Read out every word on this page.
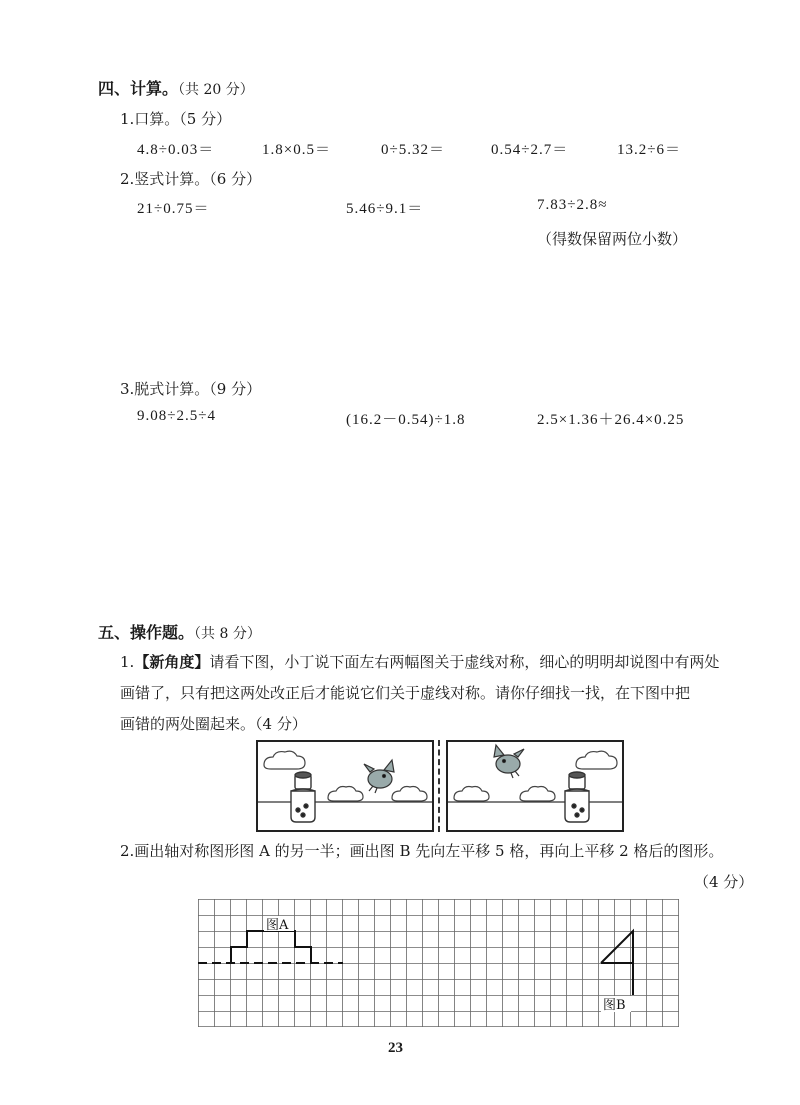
四、计算。（共 20 分）
1.口算。（5 分）
4.8÷0.03＝	1.8×0.5＝	0÷5.32＝	0.54÷2.7＝	13.2÷6＝
2.竖式计算。（6 分）
21÷0.75＝	5.46÷9.1＝	7.83÷2.8≈
（得数保留两位小数）
3.脱式计算。（9 分）
9.08÷2.5÷4	(16.2－0.54)÷1.8	2.5×1.36＋26.4×0.25
五、操作题。（共 8 分）
1.【新角度】请看下图，小丁说下面左右两幅图关于虚线对称，细心的明明却说图中有两处
画错了，只有把这两处改正后才能说它们关于虚线对称。请你仔细找一找，在下图中把
画错的两处圈起来。（4 分）
2.画出轴对称图形图 A 的另一半；画出图 B 先向左平移 5 格，再向上平移 2 格后的图形。
（4 分）
图A
图B
23
